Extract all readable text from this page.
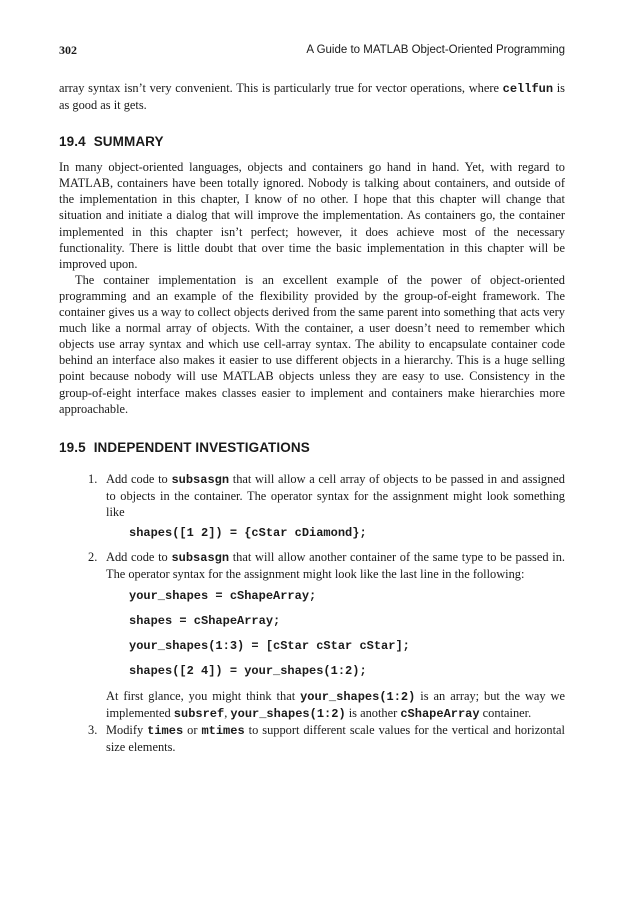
302	A Guide to MATLAB Object-Oriented Programming

array syntax isn’t very convenient. This is particularly true for vector operations, where cellfun is as good as it gets.

19.4 SUMMARY

In many object-oriented languages, objects and containers go hand in hand. Yet, with regard to MATLAB, containers have been totally ignored. Nobody is talking about containers, and outside of the implementation in this chapter, I know of no other. I hope that this chapter will change that situation and initiate a dialog that will improve the implementation. As containers go, the container implemented in this chapter isn’t perfect; however, it does achieve most of the necessary functionality. There is little doubt that over time the basic implementation in this chapter will be improved upon.

The container implementation is an excellent example of the power of object-oriented programming and an example of the flexibility provided by the group-of-eight framework. The container gives us a way to collect objects derived from the same parent into something that acts very much like a normal array of objects. With the container, a user doesn’t need to remember which objects use array syntax and which use cell-array syntax. The ability to encapsulate container code behind an interface also makes it easier to use different objects in a hierarchy. This is a huge selling point because nobody will use MATLAB objects unless they are easy to use. Consistency in the group-of-eight interface makes classes easier to implement and containers make hierarchies more approachable.

19.5 INDEPENDENT INVESTIGATIONS
1. Add code to subsasgn that will allow a cell array of objects to be passed in and assigned to objects in the container. The operator syntax for the assignment might look something like

shapes([1 2]) = {cStar cDiamond};
2. Add code to subsasgn that will allow another container of the same type to be passed in. The operator syntax for the assignment might look like the last line in the following:

your_shapes = cShapeArray;
shapes = cShapeArray;
your_shapes(1:3) = [cStar cStar cStar];
shapes([2 4]) = your_shapes(1:2);

At first glance, you might think that your_shapes(1:2) is an array; but the way we implemented subsref, your_shapes(1:2) is another cShapeArray container.

3. Modify times or mtimes to support different scale values for the vertical and horizontal size elements.
